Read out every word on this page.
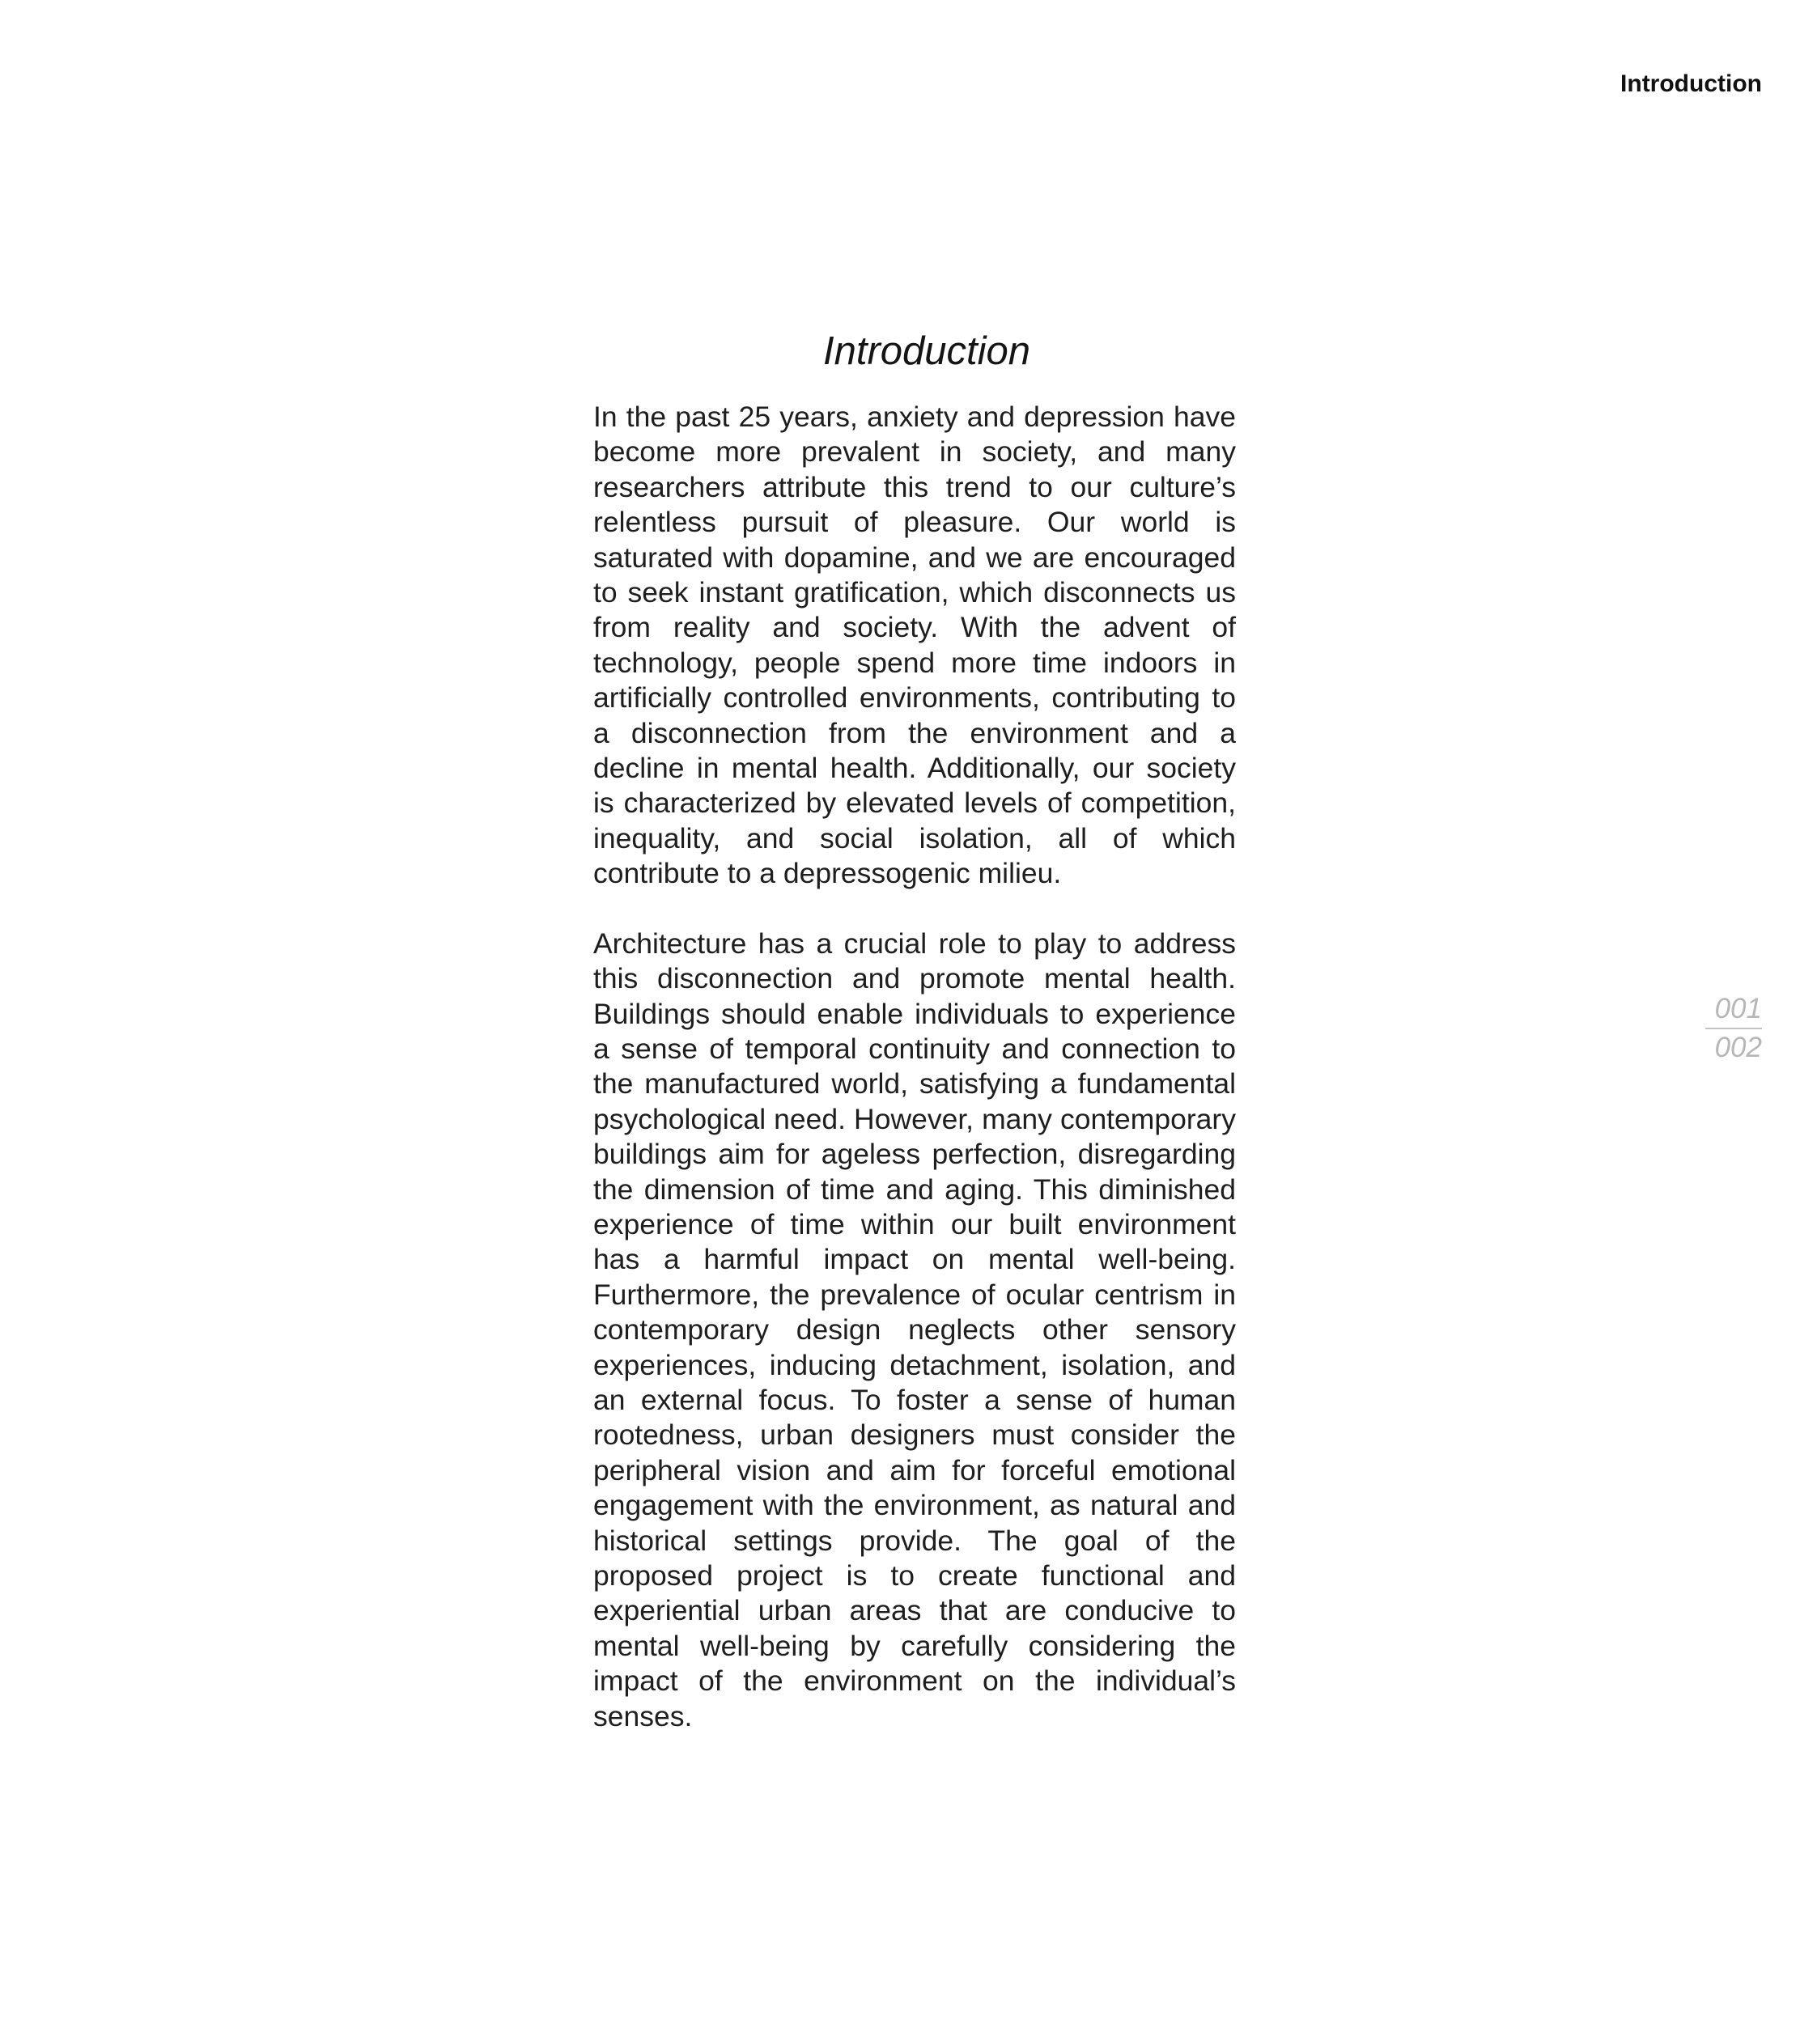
Introduction
Introduction

In the past 25 years, anxiety and depression have become more prevalent in society, and many researchers attribute this trend to our culture’s relentless pursuit of pleasure. Our world is saturated with dopamine, and we are encouraged to seek instant gratification, which disconnects us from reality and society. With the advent of technology, people spend more time indoors in artificially controlled environments, contributing to a disconnection from the environment and a decline in mental health. Additionally, our society is characterized by elevated levels of competition, inequality, and social isolation, all of which contribute to a depressogenic milieu.

Architecture has a crucial role to play to address this disconnection and promote mental health. Buildings should enable individuals to experience a sense of temporal continuity and connection to the manufactured world, satisfying a fundamental psychological need. However, many contemporary buildings aim for ageless perfection, disregarding the dimension of time and aging. This diminished experience of time within our built environment has a harmful impact on mental well-being. Furthermore, the prevalence of ocular centrism in contemporary design neglects other sensory experiences, inducing detachment, isolation, and an external focus. To foster a sense of human rootedness, urban designers must consider the peripheral vision and aim for forceful emotional engagement with the environment, as natural and historical settings provide. The goal of the proposed project is to create functional and experiential urban areas that are conducive to mental well-being by carefully considering the impact of the environment on the individual’s senses.

001
002
